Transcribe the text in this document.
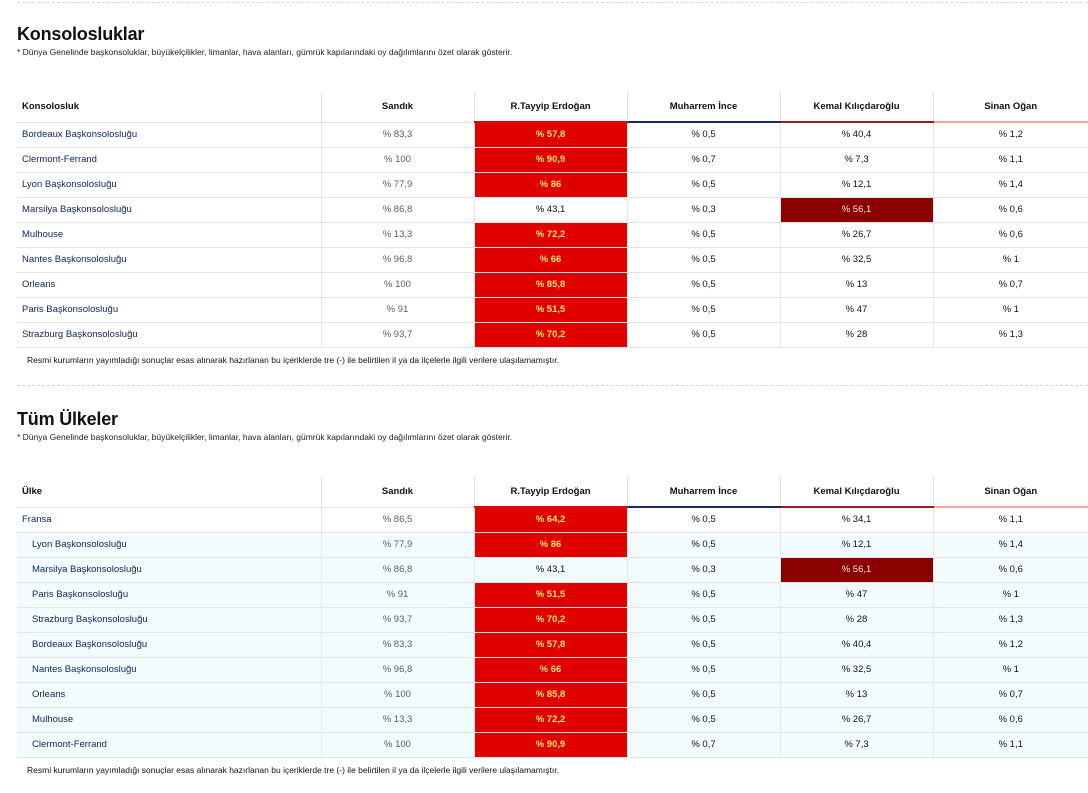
Konsolosluklar
* Dünya Genelinde başkonsoluklar, büyükelçilikler, limanlar, hava alanları, gümrük kapılarındaki oy dağılımlarını özet olarak gösterir.
Konsolosluk	Sandık	R.Tayyip Erdoğan	Muharrem İnce	Kemal Kılıçdaroğlu	Sinan Oğan
Bordeaux Başkonsolosluğu	% 83,3	% 57,8	% 0,5	% 40,4	% 1,2
Clermont-Ferrand	% 100	% 90,9	% 0,7	% 7,3	% 1,1
Lyon Başkonsolosluğu	% 77,9	% 86	% 0,5	% 12,1	% 1,4
Marsilya Başkonsolosluğu	% 86,8	% 43,1	% 0,3	% 56,1	% 0,6
Mulhouse	% 13,3	% 72,2	% 0,5	% 26,7	% 0,6
Nantes Başkonsolosluğu	% 96,8	% 66	% 0,5	% 32,5	% 1
Orleans	% 100	% 85,8	% 0,5	% 13	% 0,7
Paris Başkonsolosluğu	% 91	% 51,5	% 0,5	% 47	% 1
Strazburg Başkonsolosluğu	% 93,7	% 70,2	% 0,5	% 28	% 1,3
Resmi kurumların yayımladığı sonuçlar esas alınarak hazırlanan bu içeriklerde tre (-) ile belirtilen il ya da ilçelerle ilgili verilere ulaşılamamıştır.
Tüm Ülkeler
* Dünya Genelinde başkonsoluklar, büyükelçilikler, limanlar, hava alanları, gümrük kapılarındaki oy dağılımlarını özet olarak gösterir.
Ülke	Sandık	R.Tayyip Erdoğan	Muharrem İnce	Kemal Kılıçdaroğlu	Sinan Oğan
Fransa	% 86,5	% 64,2	% 0,5	% 34,1	% 1,1
Lyon Başkonsolosluğu	% 77,9	% 86	% 0,5	% 12,1	% 1,4
Marsilya Başkonsolosluğu	% 86,8	% 43,1	% 0,3	% 56,1	% 0,6
Paris Başkonsolosluğu	% 91	% 51,5	% 0,5	% 47	% 1
Strazburg Başkonsolosluğu	% 93,7	% 70,2	% 0,5	% 28	% 1,3
Bordeaux Başkonsolosluğu	% 83,3	% 57,8	% 0,5	% 40,4	% 1,2
Nantes Başkonsolosluğu	% 96,8	% 66	% 0,5	% 32,5	% 1
Orleans	% 100	% 85,8	% 0,5	% 13	% 0,7
Mulhouse	% 13,3	% 72,2	% 0,5	% 26,7	% 0,6
Clermont-Ferrand	% 100	% 90,9	% 0,7	% 7,3	% 1,1
Resmi kurumların yayımladığı sonuçlar esas alınarak hazırlanan bu içeriklerde tre (-) ile belirtilen il ya da ilçelerle ilgili verilere ulaşılamamıştır.
